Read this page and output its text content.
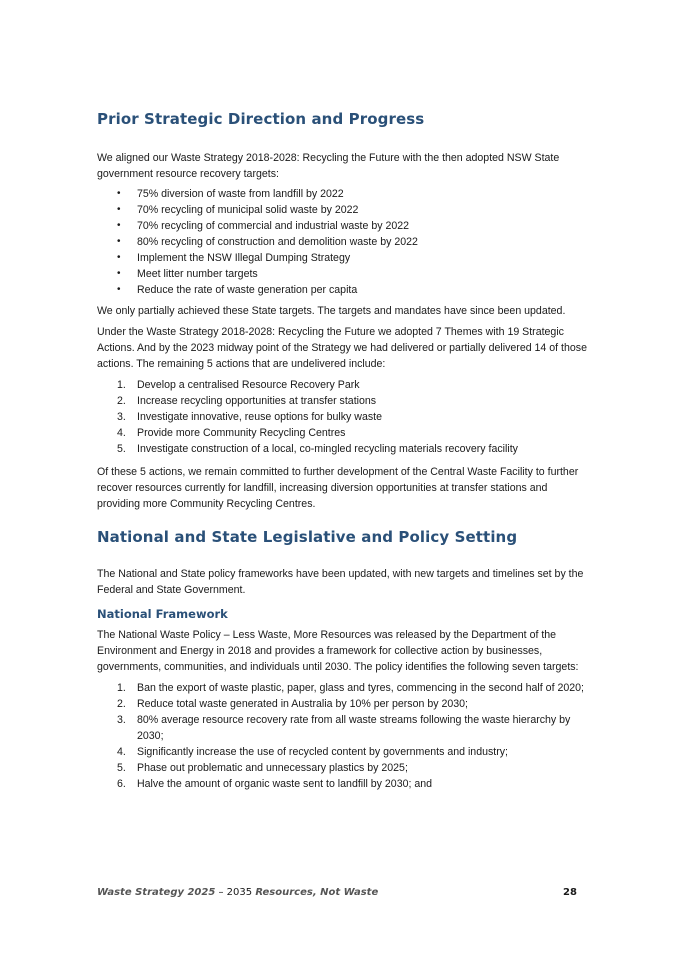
Prior Strategic Direction and Progress

We aligned our Waste Strategy 2018-2028: Recycling the Future with the then adopted NSW State government resource recovery targets:

• 75% diversion of waste from landfill by 2022
• 70% recycling of municipal solid waste by 2022
• 70% recycling of commercial and industrial waste by 2022
• 80% recycling of construction and demolition waste by 2022
• Implement the NSW Illegal Dumping Strategy
• Meet litter number targets
• Reduce the rate of waste generation per capita

We only partially achieved these State targets. The targets and mandates have since been updated.

Under the Waste Strategy 2018-2028: Recycling the Future we adopted 7 Themes with 19 Strategic Actions. And by the 2023 midway point of the Strategy we had delivered or partially delivered 14 of those actions. The remaining 5 actions that are undelivered include:

1. Develop a centralised Resource Recovery Park
2. Increase recycling opportunities at transfer stations
3. Investigate innovative, reuse options for bulky waste
4. Provide more Community Recycling Centres
5. Investigate construction of a local, co-mingled recycling materials recovery facility

Of these 5 actions, we remain committed to further development of the Central Waste Facility to further recover resources currently for landfill, increasing diversion opportunities at transfer stations and providing more Community Recycling Centres.

National and State Legislative and Policy Setting

The National and State policy frameworks have been updated, with new targets and timelines set by the Federal and State Government.

National Framework

The National Waste Policy – Less Waste, More Resources was released by the Department of the Environment and Energy in 2018 and provides a framework for collective action by businesses, governments, communities, and individuals until 2030. The policy identifies the following seven targets:

1. Ban the export of waste plastic, paper, glass and tyres, commencing in the second half of 2020;
2. Reduce total waste generated in Australia by 10% per person by 2030;
3. 80% average resource recovery rate from all waste streams following the waste hierarchy by 2030;
4. Significantly increase the use of recycled content by governments and industry;
5. Phase out problematic and unnecessary plastics by 2025;
6. Halve the amount of organic waste sent to landfill by 2030; and
Waste Strategy 2025 – 2035 Resources, Not Waste	28
